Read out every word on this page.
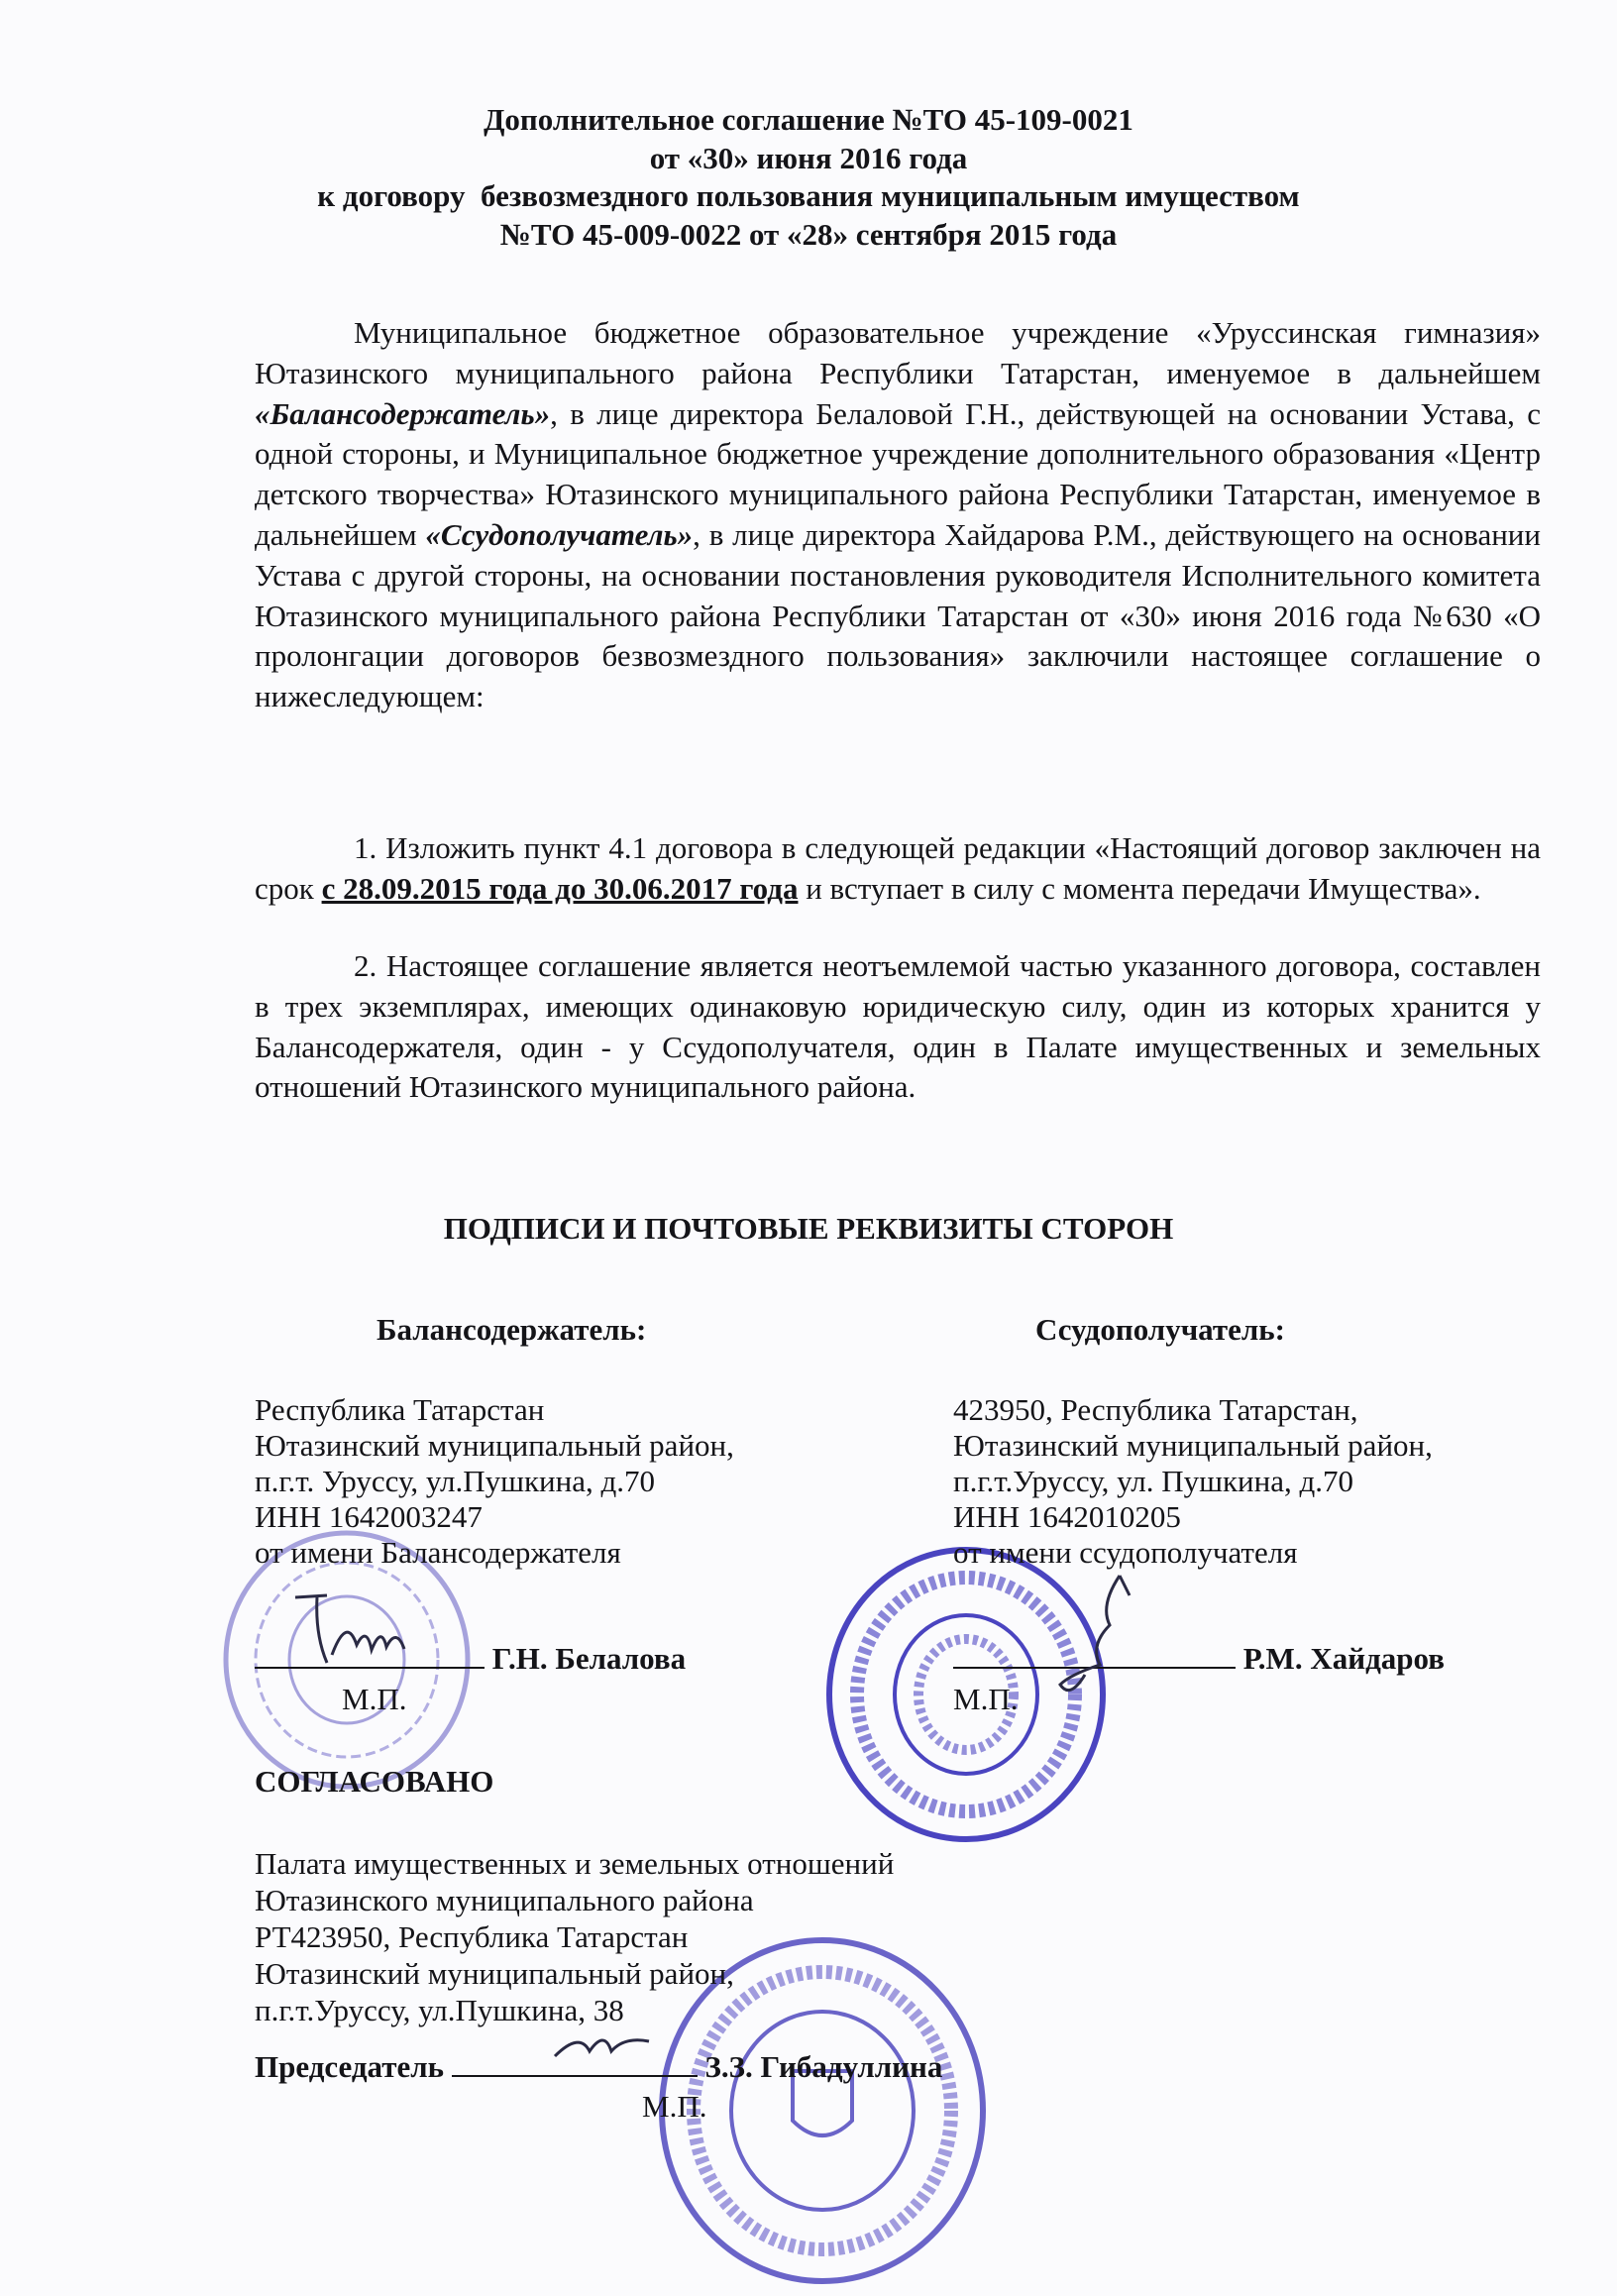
Дополнительное соглашение №ТО 45-109-0021
от «30» июня 2016 года
к договору  безвозмездного пользования муниципальным имуществом
№ТО 45-009-0022 от «28» сентября 2015 года
Муниципальное бюджетное образовательное учреждение «Уруссинская гимназия» Ютазинского муниципального района Республики Татарстан, именуемое в дальнейшем «Балансодержатель», в лице директора Белаловой Г.Н., действующей на основании Устава, с одной стороны, и Муниципальное бюджетное учреждение дополнительного образования «Центр детского творчества» Ютазинского муниципального района Республики Татарстан, именуемое в дальнейшем «Ссудополучатель», в лице директора Хайдарова Р.М., действующего на основании Устава с другой стороны, на основании постановления руководителя Исполнительного комитета Ютазинского муниципального района Республики Татарстан от «30» июня 2016 года №630 «О пролонгации договоров безвозмездного пользования» заключили настоящее соглашение о нижеследующем:
1. Изложить пункт 4.1 договора в следующей редакции «Настоящий договор заключен на срок с 28.09.2015 года до 30.06.2017 года и вступает в силу с момента передачи Имущества».
2. Настоящее соглашение является неотъемлемой частью указанного договора, составлен в трех экземплярах, имеющих одинаковую юридическую силу, один из которых хранится у Балансодержателя, один - у Ссудополучателя, один в Палате имущественных и земельных отношений Ютазинского муниципального района.
ПОДПИСИ И ПОЧТОВЫЕ РЕКВИЗИТЫ СТОРОН
Балансодержатель:	Ссудополучатель:
Республика Татарстан
Ютазинский муниципальный район,
п.г.т. Уруссу, ул.Пушкина, д.70
ИНН 1642003247
от имени Балансодержателя
423950, Республика Татарстан,
Ютазинский муниципальный район,
п.г.т.Уруссу, ул. Пушкина, д.70
ИНН 1642010205
от имени ссудополучателя
Г.Н. Белалова
М.П.
Р.М. Хайдаров
М.П.
СОГЛАСОВАНО
Палата имущественных и земельных отношений
Ютазинского муниципального района
РТ423950, Республика Татарстан
Ютазинский муниципальный район,
п.г.т.Уруссу, ул.Пушкина, 38
Председатель	З.З. Гибадуллина
М.П.
